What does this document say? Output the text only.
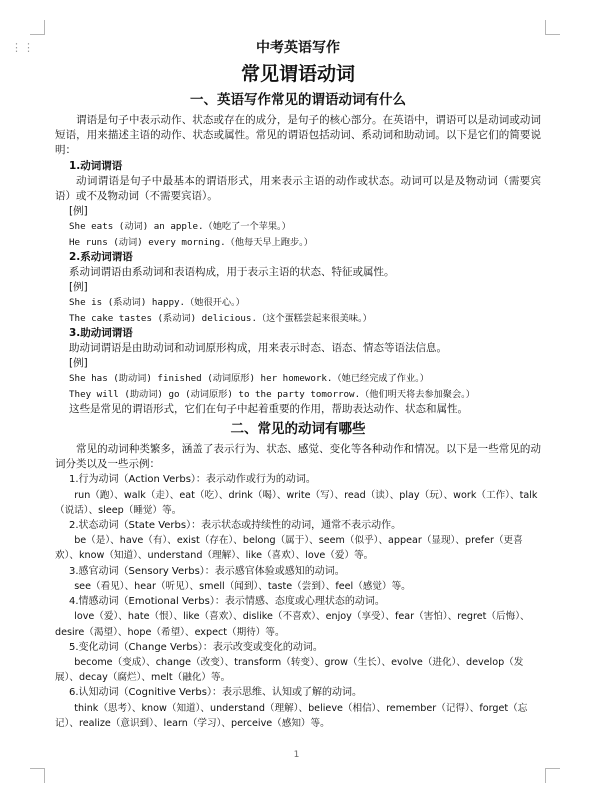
⋮⋮	中考英语写作

常见谓语动词

一、英语写作常见的谓语动词有什么

谓语是句子中表示动作、状态或存在的成分，是句子的核心部分。在英语中，谓语可以是动词或动词短语，用来描述主语的动作、状态或属性。常见的谓语包括动词、系动词和助动词。以下是它们的简要说明：

1.动词谓语

动词谓语是句子中最基本的谓语形式，用来表示主语的动作或状态。动词可以是及物动词（需要宾语）或不及物动词（不需要宾语）。

[例]

She eats (动词) an apple.（她吃了一个苹果。）

He runs (动词) every morning.（他每天早上跑步。）

2.系动词谓语

系动词谓语由系动词和表语构成，用于表示主语的状态、特征或属性。

[例]

She is (系动词) happy.（她很开心。）

The cake tastes (系动词) delicious.（这个蛋糕尝起来很美味。）

3.助动词谓语

助动词谓语是由助动词和动词原形构成，用来表示时态、语态、情态等语法信息。

[例]

She has (助动词) finished (动词原形) her homework.（她已经完成了作业。）

They will (助动词) go (动词原形) to the party tomorrow.（他们明天将去参加聚会。）

这些是常见的谓语形式，它们在句子中起着重要的作用，帮助表达动作、状态和属性。

二、常见的动词有哪些

常见的动词种类繁多，涵盖了表示行为、状态、感觉、变化等各种动作和情况。以下是一些常见的动词分类以及一些示例：

1.行为动词（Action Verbs）：表示动作或行为的动词。

run（跑）、walk（走）、eat（吃）、drink（喝）、write（写）、read（读）、play（玩）、work（工作）、talk（说话）、sleep（睡觉）等。

2.状态动词（State Verbs）：表示状态或持续性的动词，通常不表示动作。

be（是）、have（有）、exist（存在）、belong（属于）、seem（似乎）、appear（显现）、prefer（更喜欢）、know（知道）、understand（理解）、like（喜欢）、love（爱）等。

3.感官动词（Sensory Verbs）：表示感官体验或感知的动词。

see（看见）、hear（听见）、smell（闻到）、taste（尝到）、feel（感觉）等。

4.情感动词（Emotional Verbs）：表示情感、态度或心理状态的动词。

love（爱）、hate（恨）、like（喜欢）、dislike（不喜欢）、enjoy（享受）、fear（害怕）、regret（后悔）、desire（渴望）、hope（希望）、expect（期待）等。

5.变化动词（Change Verbs）：表示改变或变化的动词。

become（变成）、change（改变）、transform（转变）、grow（生长）、evolve（进化）、develop（发展）、decay（腐烂）、melt（融化）等。

6.认知动词（Cognitive Verbs）：表示思维、认知或了解的动词。

think（思考）、know（知道）、understand（理解）、believe（相信）、remember（记得）、forget（忘记）、realize（意识到）、learn（学习）、perceive（感知）等。

1
